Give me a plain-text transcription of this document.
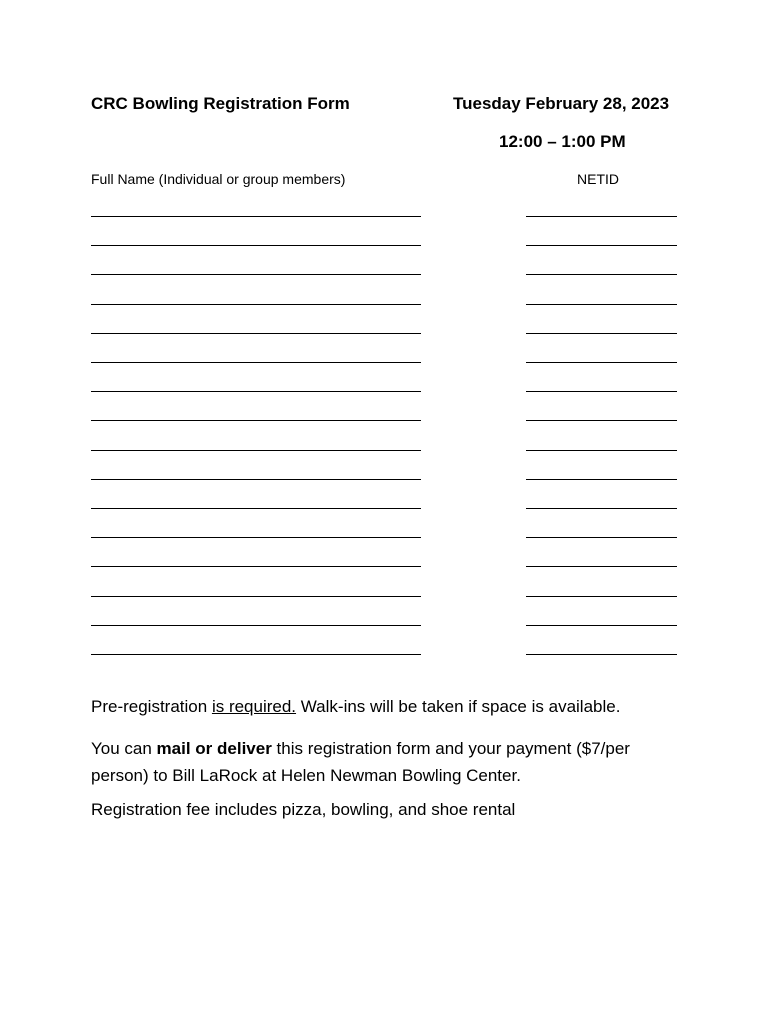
CRC Bowling Registration Form	Tuesday February 28, 2023
12:00 – 1:00 PM
Full Name (Individual or group members)	NETID
Pre-registration is required. Walk-ins will be taken if space is available.
You can mail or deliver this registration form and your payment ($7/per person) to Bill LaRock at Helen Newman Bowling Center.
Registration fee includes pizza, bowling, and shoe rental
